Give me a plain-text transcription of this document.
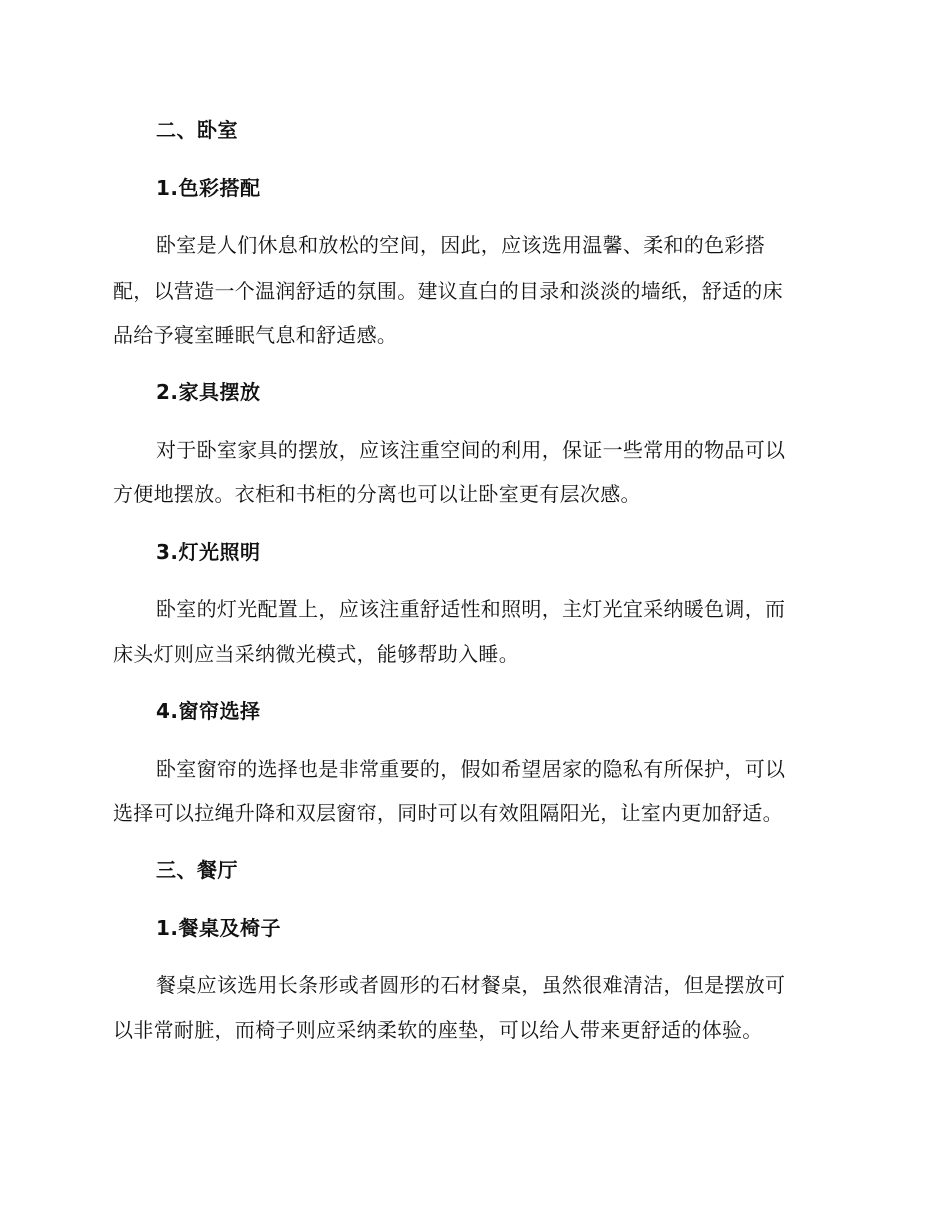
二、卧室
1.色彩搭配
卧室是人们休息和放松的空间，因此，应该选用温馨、柔和的色彩搭
配，以营造一个温润舒适的氛围。建议直白的目录和淡淡的墙纸，舒适的床
品给予寝室睡眠气息和舒适感。
2.家具摆放
对于卧室家具的摆放，应该注重空间的利用，保证一些常用的物品可以
方便地摆放。衣柜和书柜的分离也可以让卧室更有层次感。
3.灯光照明
卧室的灯光配置上，应该注重舒适性和照明，主灯光宜采纳暖色调，而
床头灯则应当采纳微光模式，能够帮助入睡。
4.窗帘选择
卧室窗帘的选择也是非常重要的，假如希望居家的隐私有所保护，可以
选择可以拉绳升降和双层窗帘，同时可以有效阻隔阳光，让室内更加舒适。
三、餐厅
1.餐桌及椅子
餐桌应该选用长条形或者圆形的石材餐桌，虽然很难清洁，但是摆放可
以非常耐脏，而椅子则应采纳柔软的座垫，可以给人带来更舒适的体验。
